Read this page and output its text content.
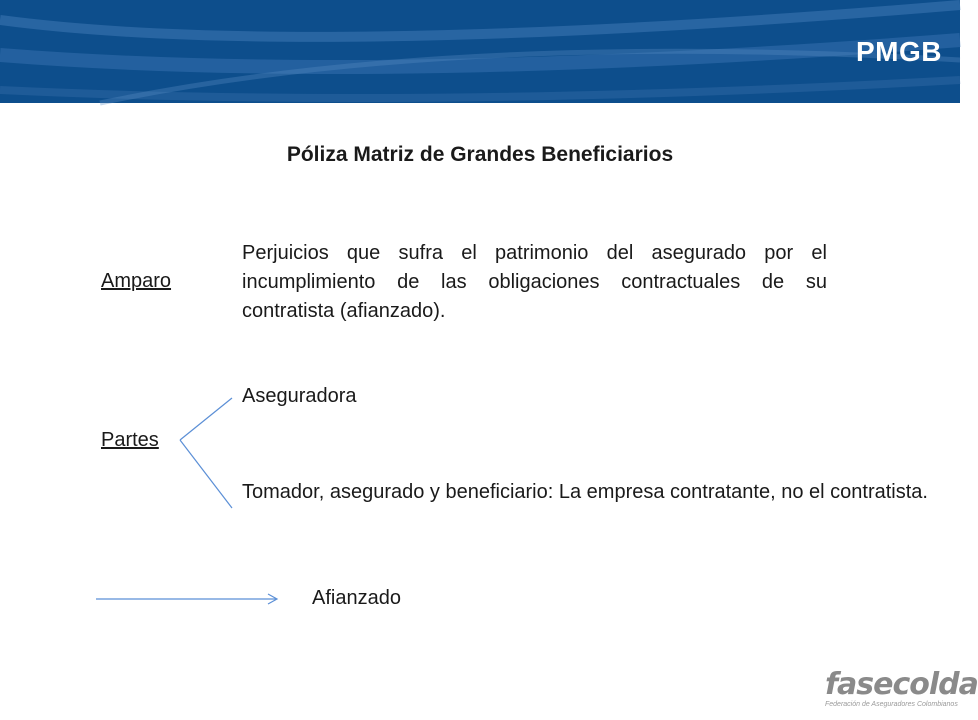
PMGB
Póliza Matriz de Grandes Beneficiarios
Amparo
Perjuicios que sufra el patrimonio del asegurado por el incumplimiento de las obligaciones contractuales de su contratista (afianzado).
Partes
Aseguradora
Tomador, asegurado y beneficiario: La empresa contratante, no el contratista.
Afianzado
fasecolda
Federación de Aseguradores Colombianos
